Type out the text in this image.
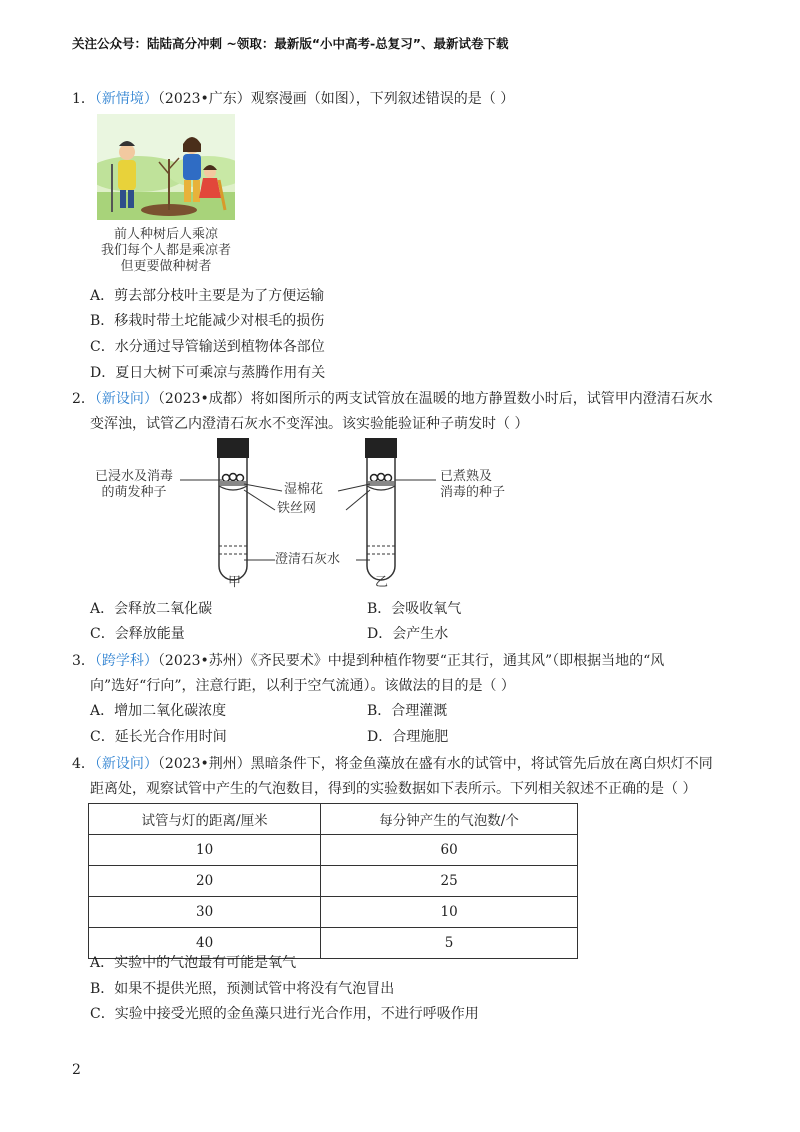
关注公众号：陆陆高分冲刺 ~领取：最新版“小中高考-总复习”、最新试卷下载
1．（新情境）（2023•广东）观察漫画（如图），下列叙述错误的是（ ）
前人种树后人乘凉
我们每个人都是乘凉者
但更要做种树者
A．剪去部分枝叶主要是为了方便运输
B．移栽时带土坨能减少对根毛的损伤
C．水分通过导管输送到植物体各部位
D．夏日大树下可乘凉与蒸腾作用有关
2．（新设问）（2023•成都）将如图所示的两支试管放在温暖的地方静置数小时后，试管甲内澄清石灰水
变浑浊，试管乙内澄清石灰水不变浑浊。该实验能验证种子萌发时（ ）
已浸水及消毒
的萌发种子
已煮熟及
消毒的种子
湿棉花
铁丝网
澄清石灰水
甲	乙
A．会释放二氧化碳	B．会吸收氧气
C．会释放能量	D．会产生水
3．（跨学科）（2023•苏州）《齐民要术》中提到种植作物要“正其行，通其风”（即根据当地的“风
向”选好“行向”，注意行距，以利于空气流通）。该做法的目的是（ ）
A．增加二氧化碳浓度	B．合理灌溉
C．延长光合作用时间	D．合理施肥
4．（新设问）（2023•荆州）黑暗条件下，将金鱼藻放在盛有水的试管中，将试管先后放在离白炽灯不同
距离处，观察试管中产生的气泡数目，得到的实验数据如下表所示。下列相关叙述不正确的是（ ）
试管与灯的距离/厘米	每分钟产生的气泡数/个
10	60
20	25
30	10
40	5
A．实验中的气泡最有可能是氧气
B．如果不提供光照，预测试管中将没有气泡冒出
C．实验中接受光照的金鱼藻只进行光合作用，不进行呼吸作用
2
